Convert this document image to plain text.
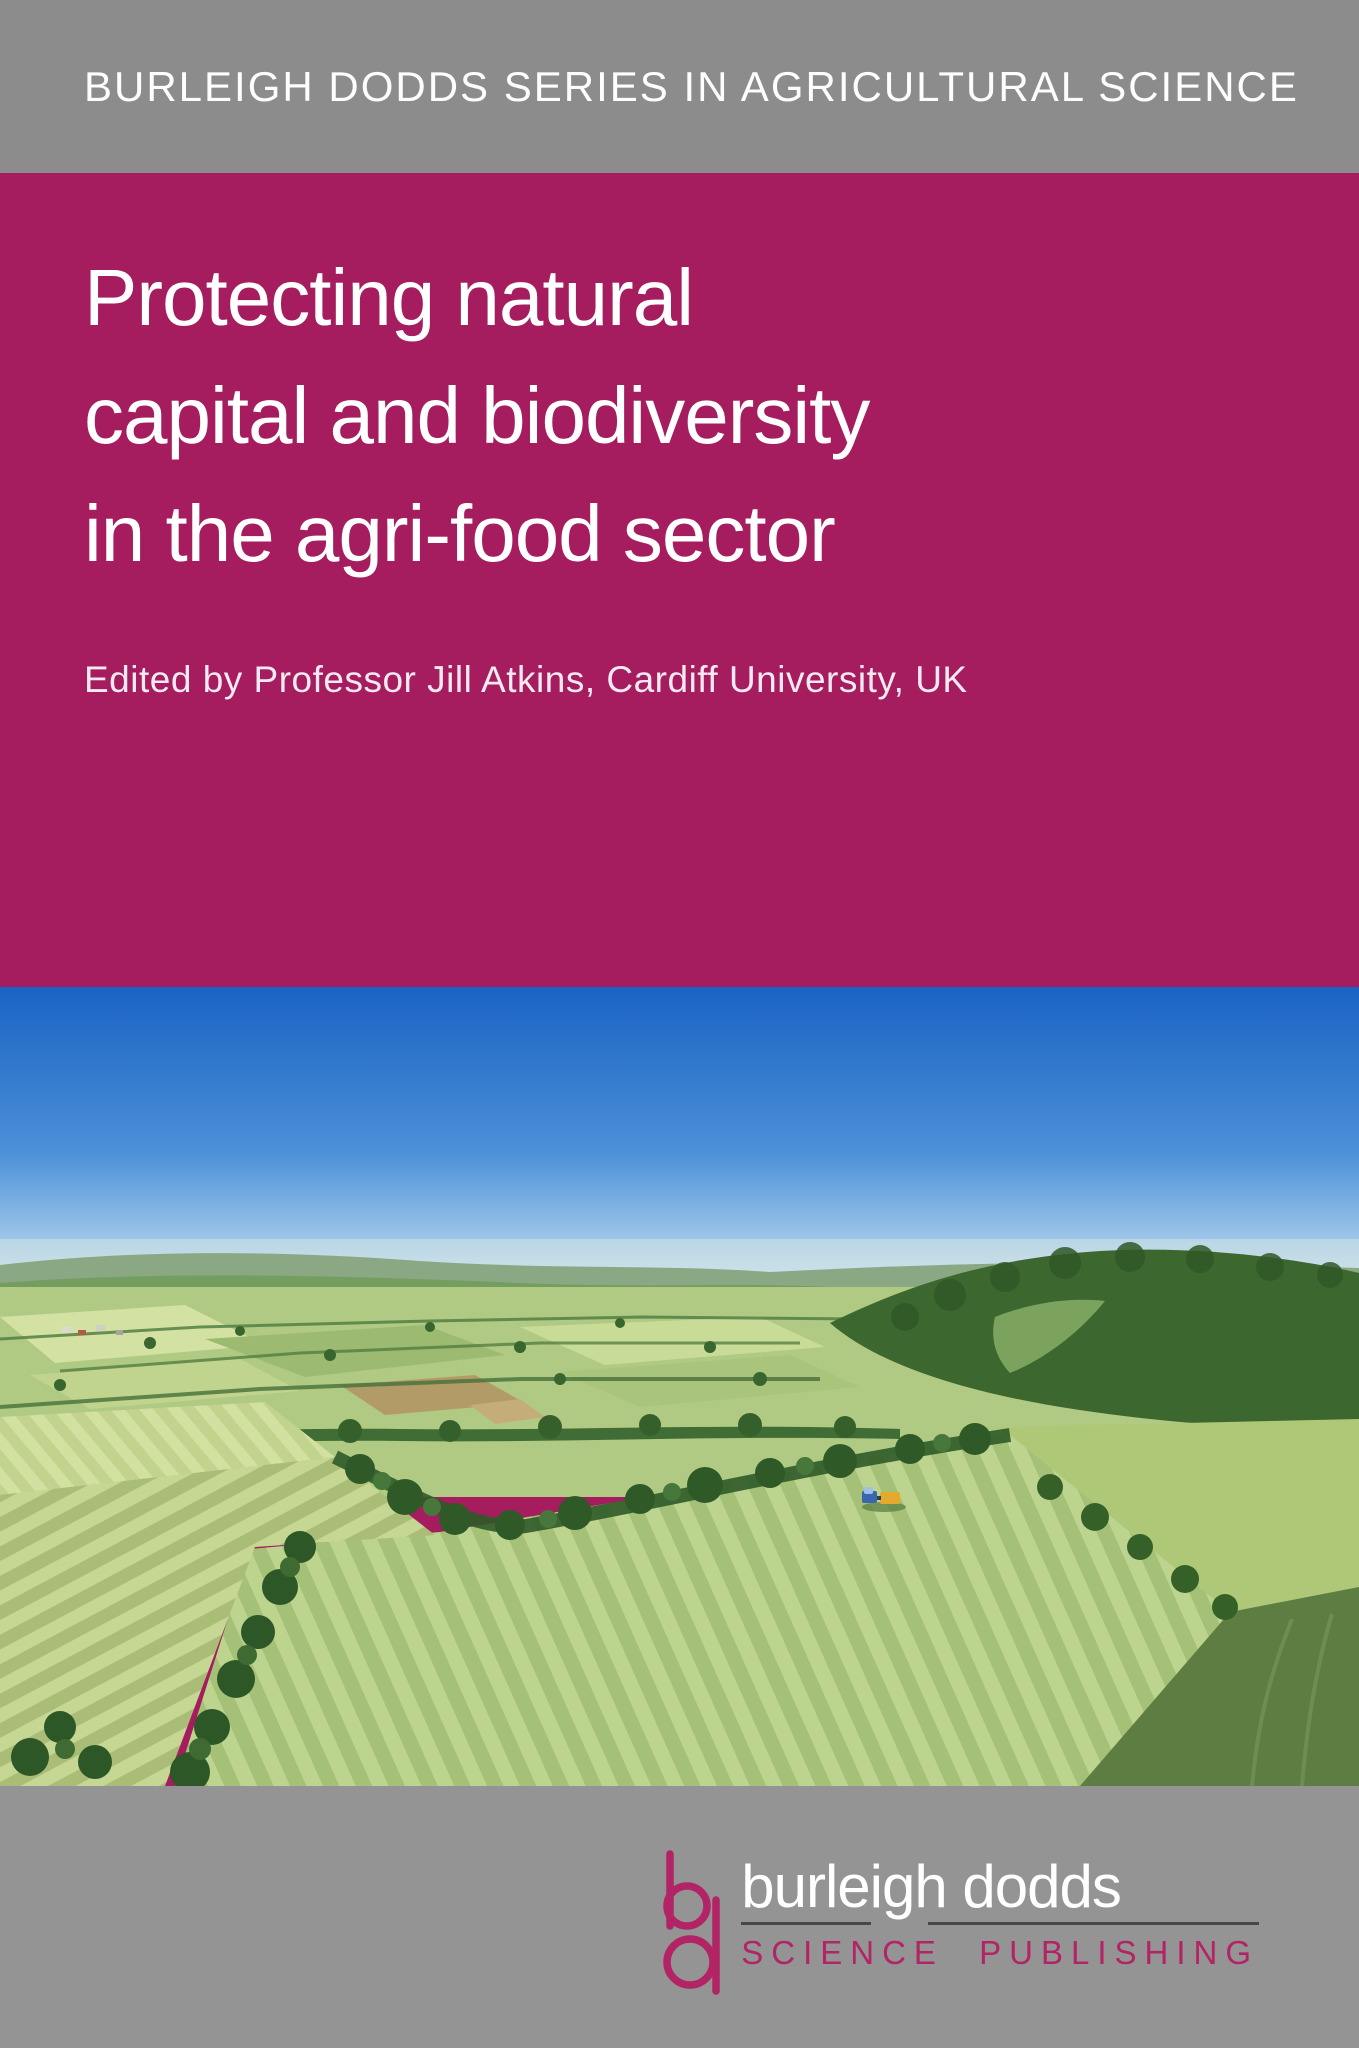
BURLEIGH DODDS SERIES IN AGRICULTURAL SCIENCE
Protecting natural
capital and biodiversity
in the agri-food sector

Edited by Professor Jill Atkins, Cardiff University, UK

burleigh dodds
SCIENCE PUBLISHING
